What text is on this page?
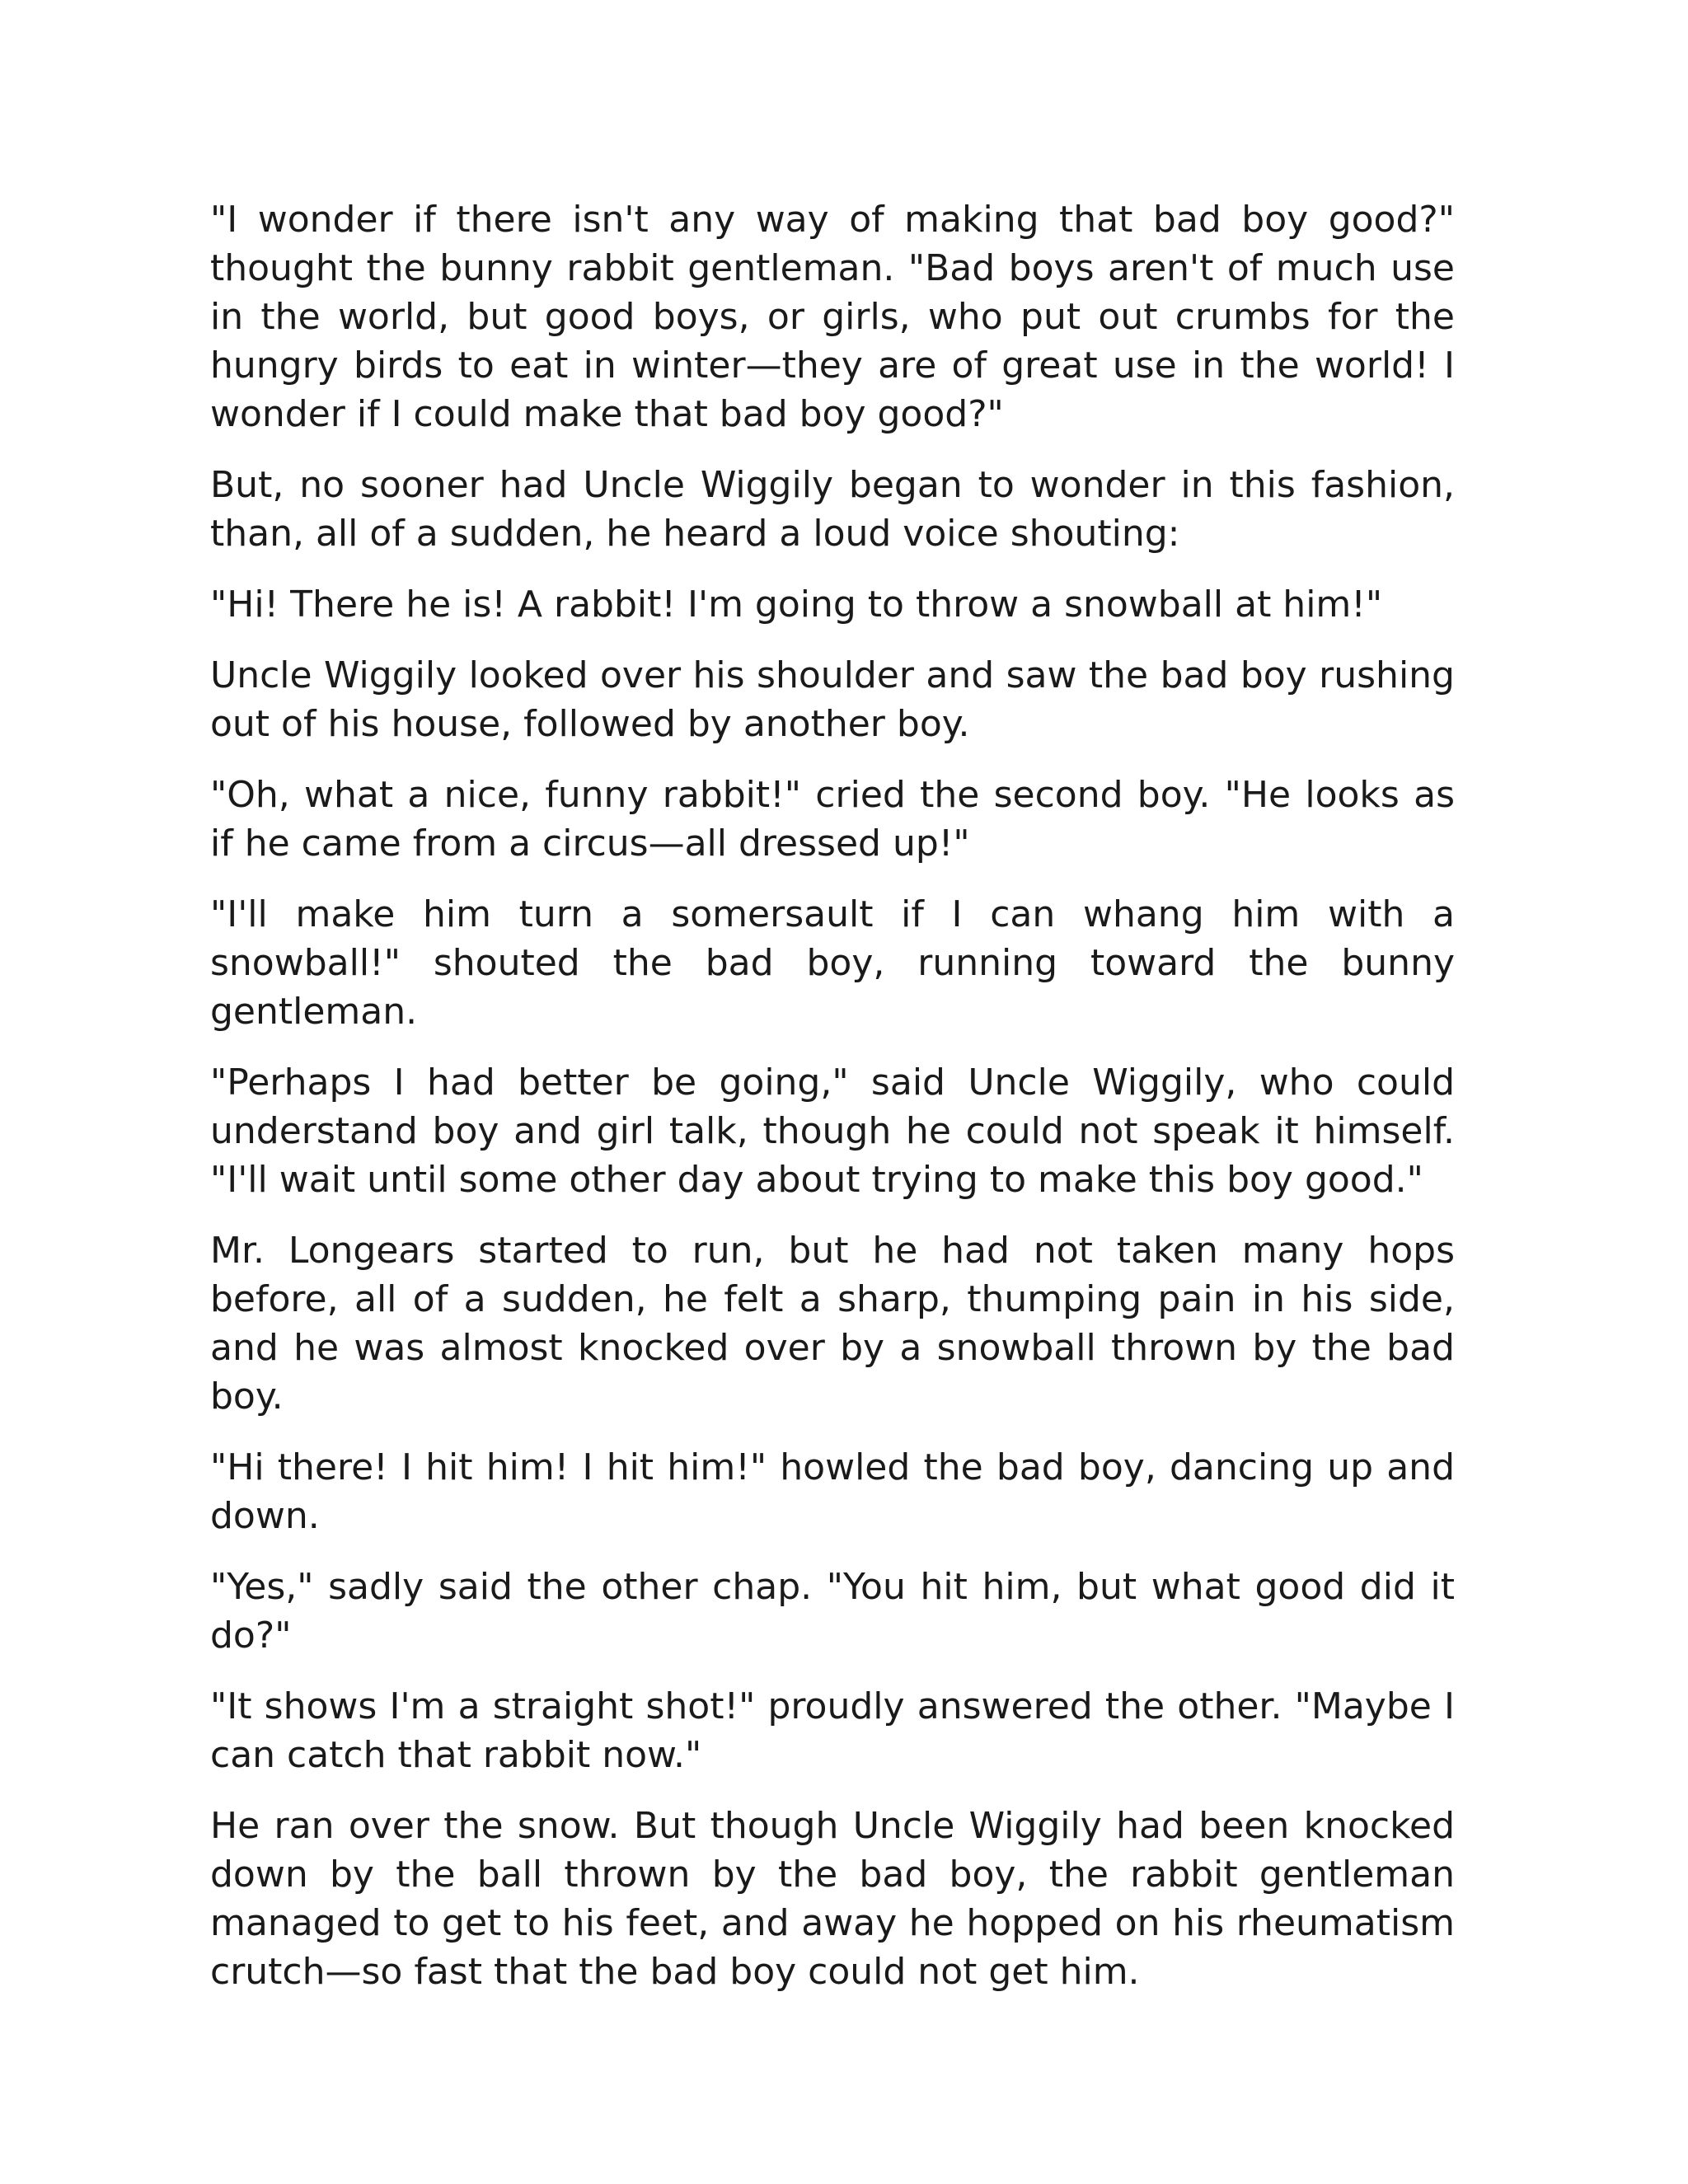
"I wonder if there isn't any way of making that bad boy good?" thought the bunny rabbit gentleman. "Bad boys aren't of much use in the world, but good boys, or girls, who put out crumbs for the hungry birds to eat in winter—they are of great use in the world! I wonder if I could make that bad boy good?"

But, no sooner had Uncle Wiggily began to wonder in this fashion, than, all of a sudden, he heard a loud voice shouting:

"Hi! There he is! A rabbit! I'm going to throw a snowball at him!"

Uncle Wiggily looked over his shoulder and saw the bad boy rushing out of his house, followed by another boy.

"Oh, what a nice, funny rabbit!" cried the second boy. "He looks as if he came from a circus—all dressed up!"

"I'll make him turn a somersault if I can whang him with a snowball!" shouted the bad boy, running toward the bunny gentleman.

"Perhaps I had better be going," said Uncle Wiggily, who could understand boy and girl talk, though he could not speak it himself. "I'll wait until some other day about trying to make this boy good."

Mr. Longears started to run, but he had not taken many hops before, all of a sudden, he felt a sharp, thumping pain in his side, and he was almost knocked over by a snowball thrown by the bad boy.

"Hi there! I hit him! I hit him!" howled the bad boy, dancing up and down.

"Yes," sadly said the other chap. "You hit him, but what good did it do?"

"It shows I'm a straight shot!" proudly answered the other. "Maybe I can catch that rabbit now."

He ran over the snow. But though Uncle Wiggily had been knocked down by the ball thrown by the bad boy, the rabbit gentleman managed to get to his feet, and away he hopped on his rheumatism crutch—so fast that the bad boy could not get him.
